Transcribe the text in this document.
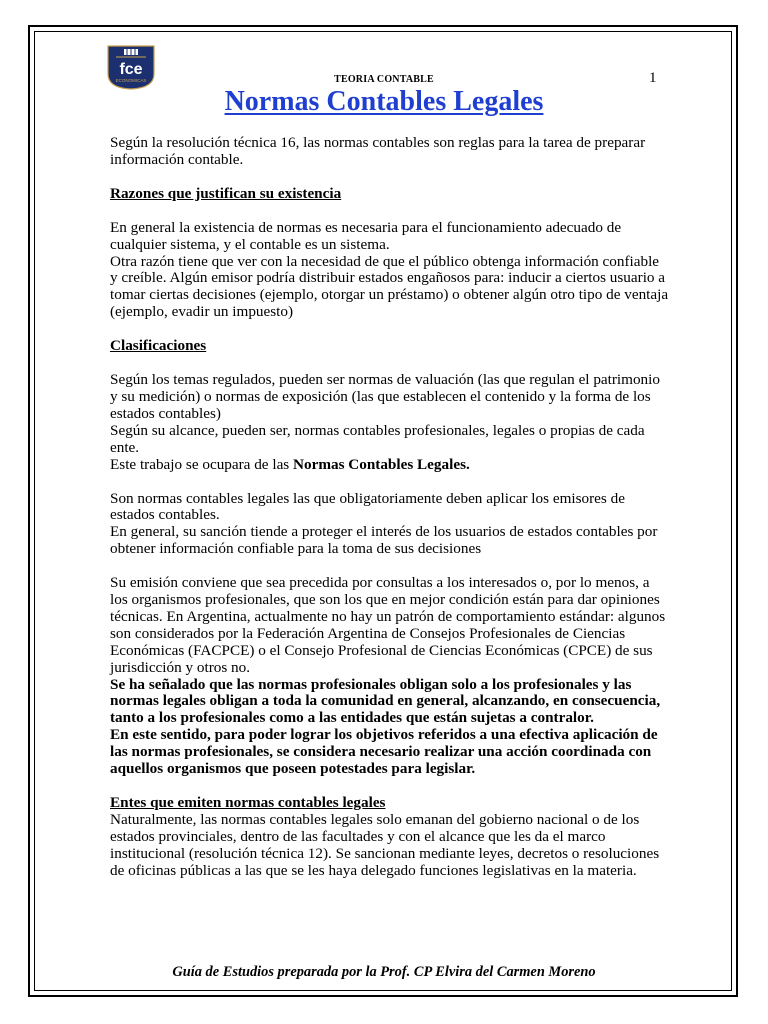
fce
ECONOMICAS	TEORIA CONTABLE	1
Normas Contables Legales

Según la resolución técnica 16, las normas contables son reglas para la tarea de preparar información contable.

Razones que justifican su existencia

En general la existencia de normas es necesaria para el funcionamiento adecuado de cualquier sistema, y el contable es un sistema.

Otra razón tiene que ver con la necesidad de que el público obtenga información confiable y creíble. Algún emisor podría distribuir estados engañosos para: inducir a ciertos usuario a tomar ciertas decisiones (ejemplo, otorgar un préstamo) o obtener algún otro tipo de ventaja (ejemplo, evadir un impuesto)

Clasificaciones

Según los temas regulados, pueden ser normas de valuación (las que regulan el patrimonio y su medición) o normas de exposición (las que establecen el contenido y la forma de los estados contables)

Según su alcance, pueden ser, normas contables profesionales, legales o propias de cada ente.

Este trabajo se ocupara de las Normas Contables Legales.

Son normas contables legales las que obligatoriamente deben aplicar los emisores de estados contables.

En general, su sanción tiende a proteger el interés de los usuarios de estados contables por obtener información confiable para la toma de sus decisiones

Su emisión conviene que sea precedida por consultas a los interesados o, por lo menos, a los organismos profesionales, que son los que en mejor condición están para dar opiniones técnicas. En Argentina, actualmente no hay un patrón de comportamiento estándar: algunos son considerados por la Federación Argentina de Consejos Profesionales de Ciencias Económicas (FACPCE) o el Consejo Profesional de Ciencias Económicas (CPCE) de sus jurisdicción y otros no.

Se ha señalado que las normas profesionales obligan solo a los profesionales y las normas legales obligan a toda la comunidad en general, alcanzando, en consecuencia, tanto a los profesionales como a las entidades que están sujetas a contralor.

En este sentido, para poder lograr los objetivos referidos a una efectiva aplicación de las normas profesionales, se considera necesario realizar una acción coordinada con aquellos organismos que poseen potestades para legislar.

Entes que emiten normas contables legales

Naturalmente, las normas contables legales solo emanan del gobierno nacional o de los estados provinciales, dentro de las facultades y con el alcance que les da el marco institucional (resolución técnica 12). Se sancionan mediante leyes, decretos o resoluciones de oficinas públicas a las que se les haya delegado funciones legislativas en la materia.

Guía de Estudios preparada por la Prof. CP Elvira del Carmen Moreno
